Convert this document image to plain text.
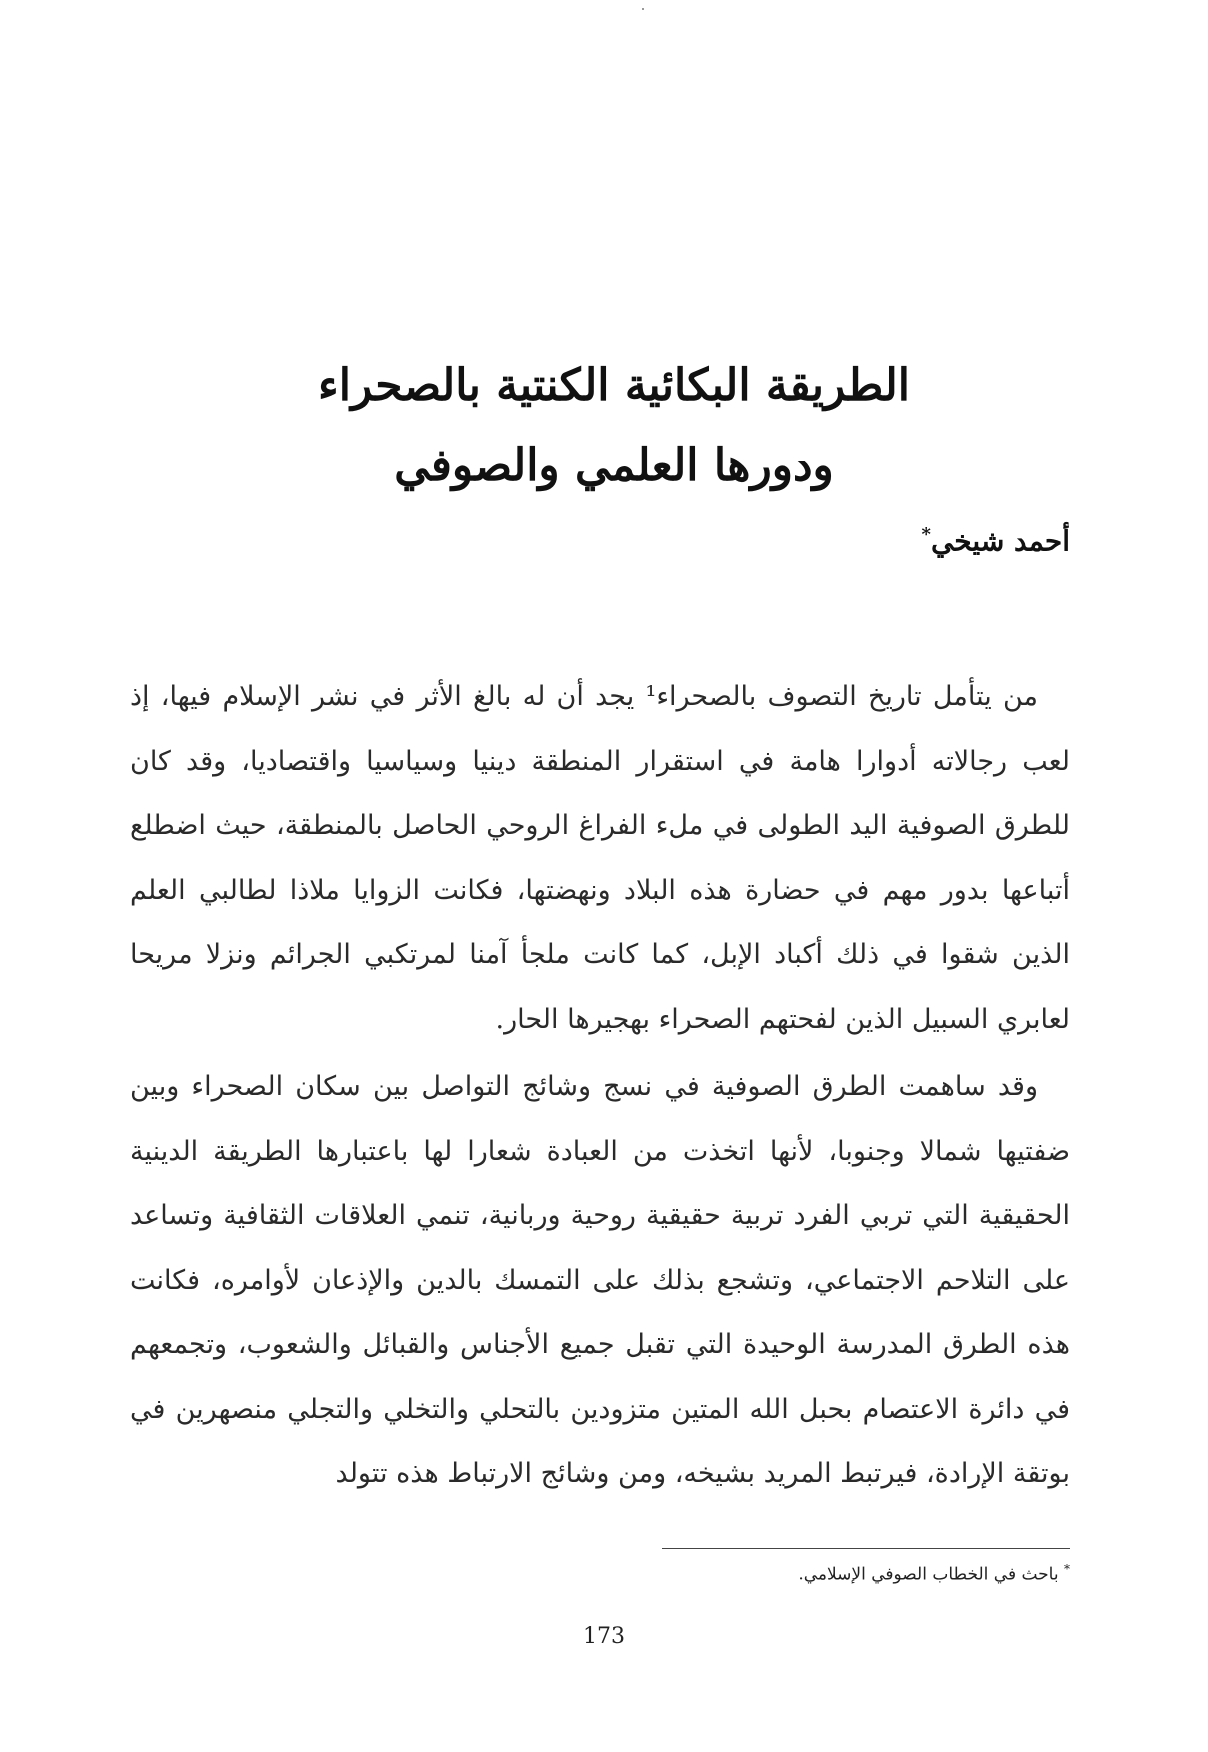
الطريقة البكائية الكنتية بالصحراء
ودورها العلمي والصوفي
أحمد شيخي*
من يتأمل تاريخ التصوف بالصحراء¹ يجد أن له بالغ الأثر في نشر الإسلام فيها، إذ لعب رجالاته أدوارا هامة في استقرار المنطقة دينيا وسياسيا واقتصاديا، وقد كان للطرق الصوفية اليد الطولى في ملء الفراغ الروحي الحاصل بالمنطقة، حيث اضطلع أتباعها بدور مهم في حضارة هذه البلاد ونهضتها، فكانت الزوايا ملاذا لطالبي العلم الذين شقوا في ذلك أكباد الإبل، كما كانت ملجأ آمنا لمرتكبي الجرائم ونزلا مريحا لعابري السبيل الذين لفحتهم الصحراء بهجيرها الحار.
وقد ساهمت الطرق الصوفية في نسج وشائج التواصل بين سكان الصحراء وبين ضفتيها شمالا وجنوبا، لأنها اتخذت من العبادة شعارا لها باعتبارها الطريقة الدينية الحقيقية التي تربي الفرد تربية حقيقية روحية وربانية، تنمي العلاقات الثقافية وتساعد على التلاحم الاجتماعي، وتشجع بذلك على التمسك بالدين والإذعان لأوامره، فكانت هذه الطرق المدرسة الوحيدة التي تقبل جميع الأجناس والقبائل والشعوب، وتجمعهم في دائرة الاعتصام بحبل الله المتين متزودين بالتحلي والتخلي والتجلي منصهرين في بوتقة الإرادة، فيرتبط المريد بشيخه، ومن وشائج الارتباط هذه تتولد
* باحث في الخطاب الصوفي الإسلامي.
173
